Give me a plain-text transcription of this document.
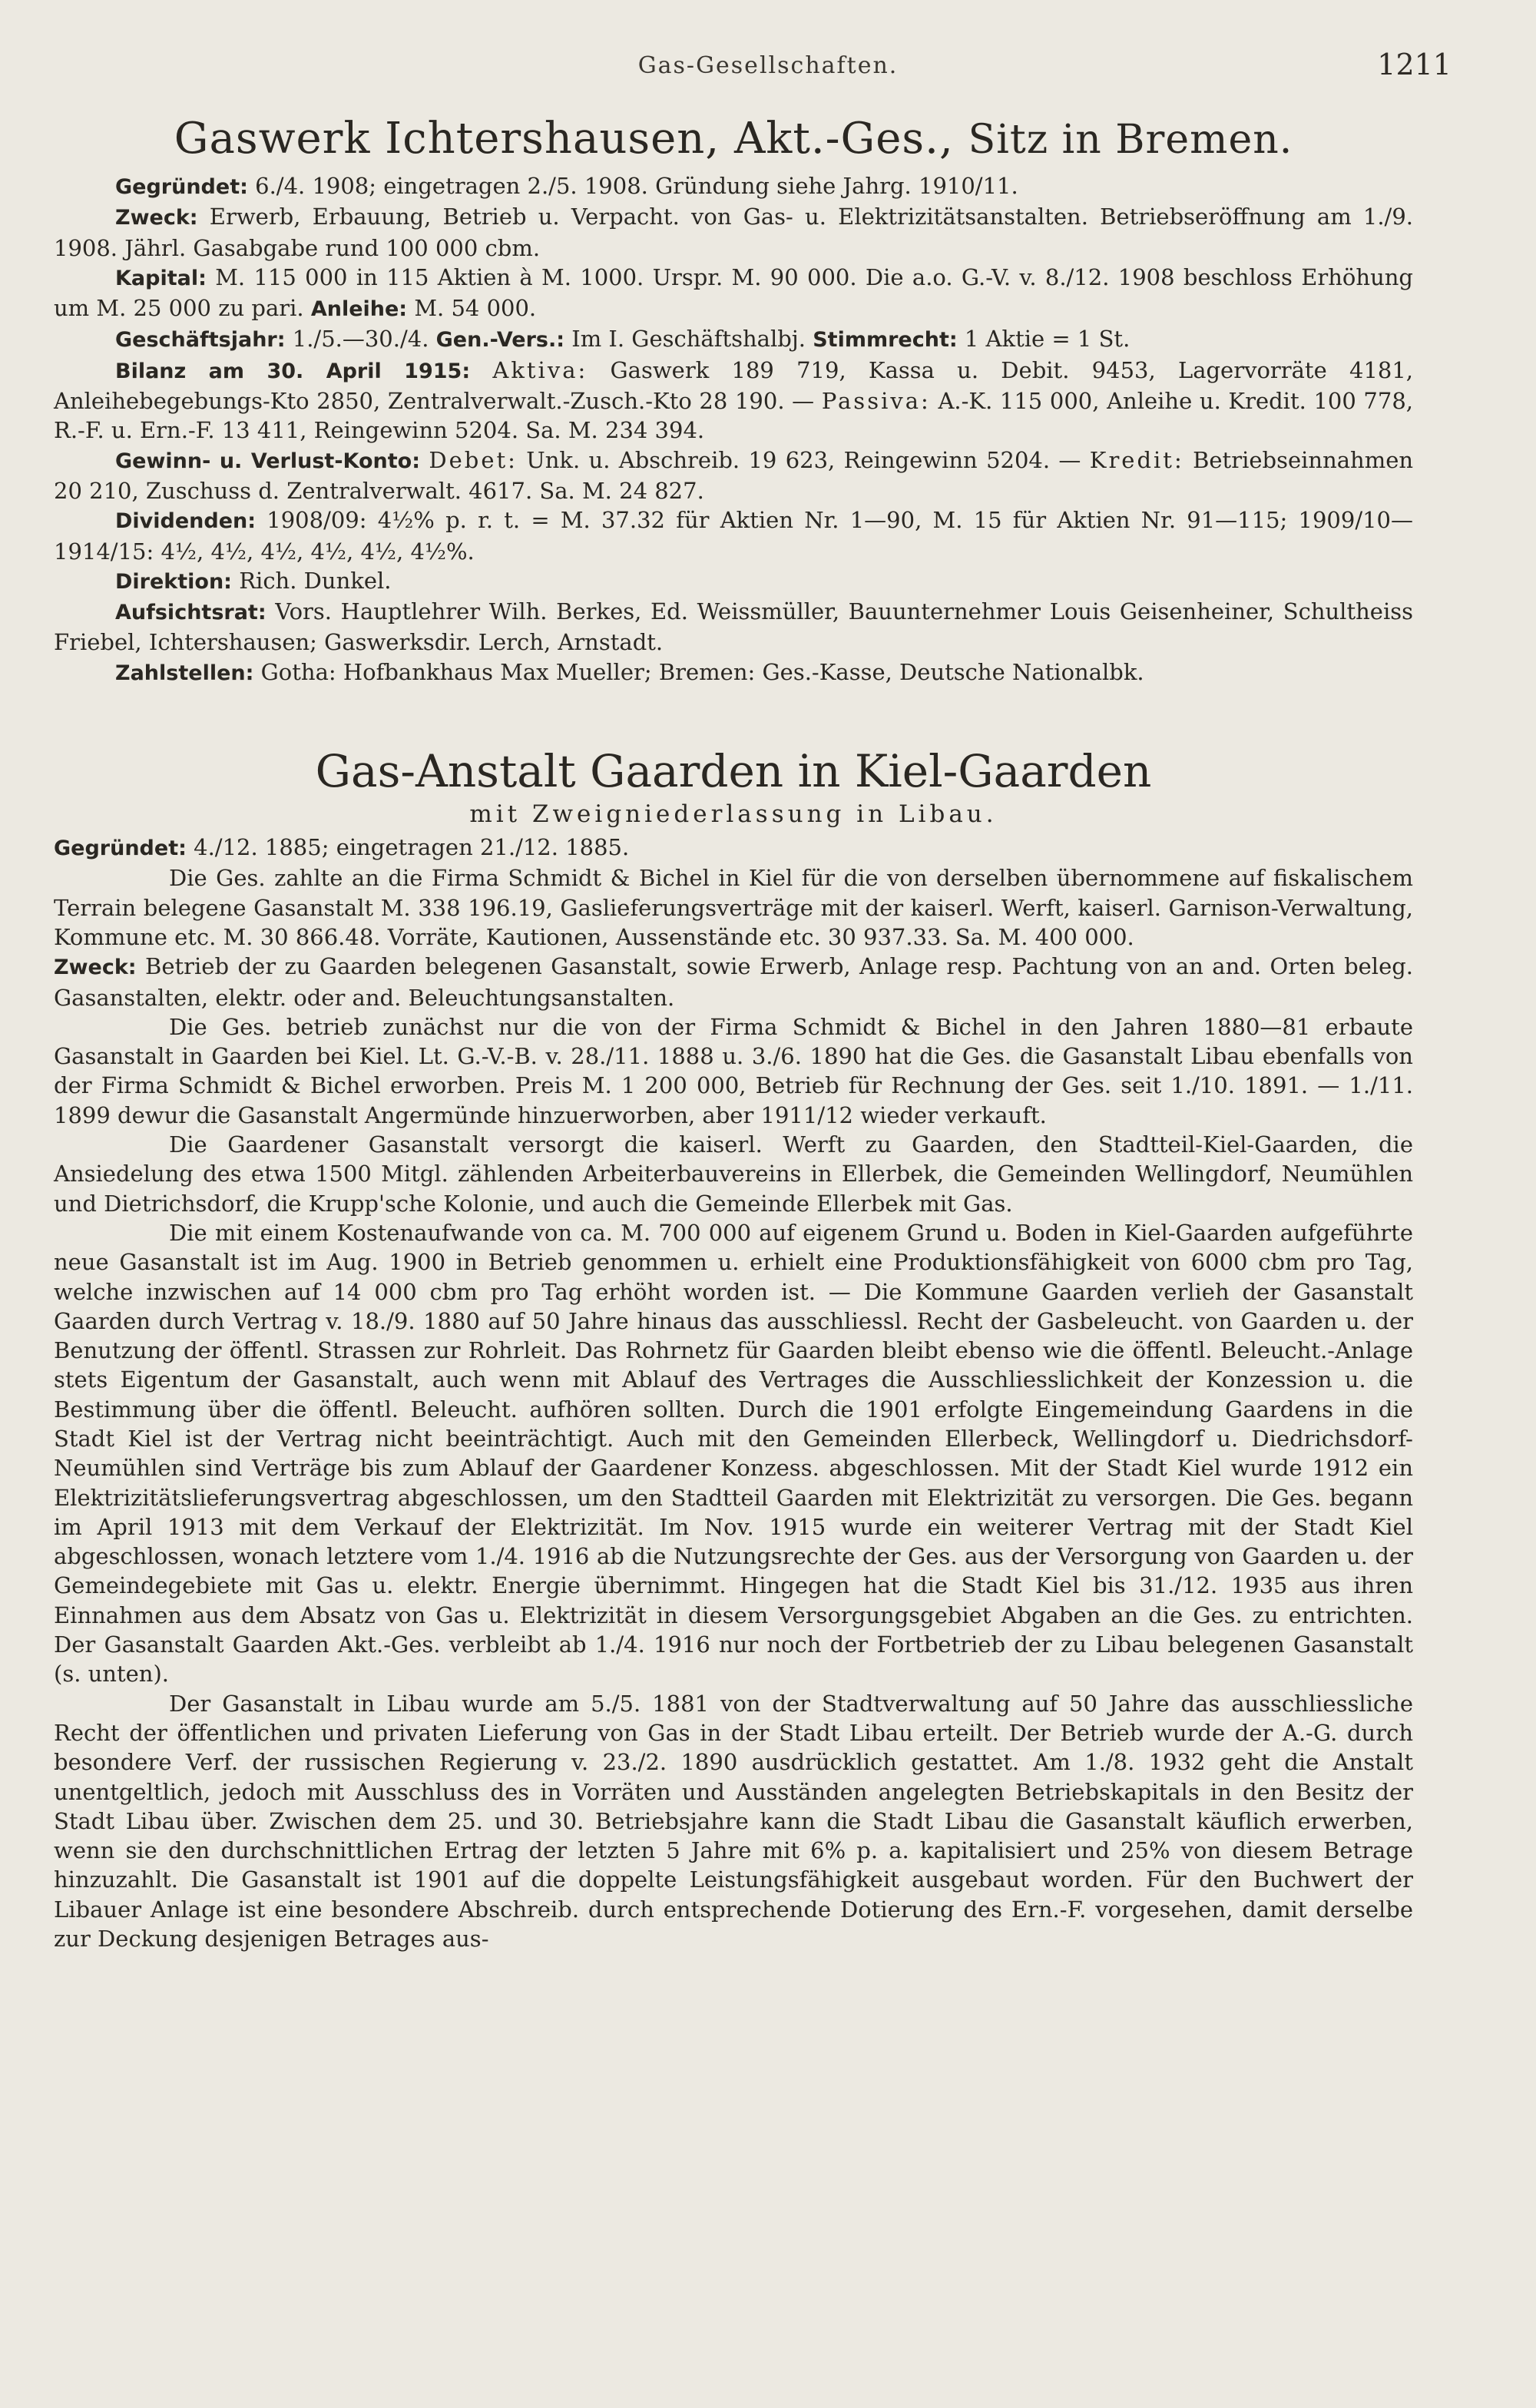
Gas-Gesellschaften.	1211
Gaswerk Ichtershausen, Akt.-Ges., Sitz in Bremen.

Gegründet: 6./4. 1908; eingetragen 2./5. 1908. Gründung siehe Jahrg. 1910/11.

Zweck: Erwerb, Erbauung, Betrieb u. Verpacht. von Gas- u. Elektrizitätsanstalten. Betriebseröffnung am 1./9. 1908. Jährl. Gasabgabe rund 100 000 cbm.

Kapital: M. 115 000 in 115 Aktien à M. 1000. Urspr. M. 90 000. Die a.o. G.-V. v. 8./12. 1908 beschloss Erhöhung um M. 25 000 zu pari. Anleihe: M. 54 000.

Geschäftsjahr: 1./5.—30./4. Gen.-Vers.: Im I. Geschäftshalbj. Stimmrecht: 1 Aktie = 1 St.

Bilanz am 30. April 1915: Aktiva: Gaswerk 189 719, Kassa u. Debit. 9453, Lagervorräte 4181, Anleihebegebungs-Kto 2850, Zentralverwalt.-Zusch.-Kto 28 190. — Passiva: A.-K. 115 000, Anleihe u. Kredit. 100 778, R.-F. u. Ern.-F. 13 411, Reingewinn 5204. Sa. M. 234 394.

Gewinn- u. Verlust-Konto: Debet: Unk. u. Abschreib. 19 623, Reingewinn 5204. — Kredit: Betriebseinnahmen 20 210, Zuschuss d. Zentralverwalt. 4617. Sa. M. 24 827.

Dividenden: 1908/09: 4½% p. r. t. = M. 37.32 für Aktien Nr. 1—90, M. 15 für Aktien Nr. 91—115; 1909/10—1914/15: 4½, 4½, 4½, 4½, 4½, 4½%.

Direktion: Rich. Dunkel.

Aufsichtsrat: Vors. Hauptlehrer Wilh. Berkes, Ed. Weissmüller, Bauunternehmer Louis Geisenheiner, Schultheiss Friebel, Ichtershausen; Gaswerksdir. Lerch, Arnstadt.

Zahlstellen: Gotha: Hofbankhaus Max Mueller; Bremen: Ges.-Kasse, Deutsche Nationalbk.

Gas-Anstalt Gaarden in Kiel-Gaarden
mit Zweigniederlassung in Libau.

Gegründet: 4./12. 1885; eingetragen 21./12. 1885.

Die Ges. zahlte an die Firma Schmidt & Bichel in Kiel für die von derselben übernommene auf fiskalischem Terrain belegene Gasanstalt M. 338 196.19, Gaslieferungsverträge mit der kaiserl. Werft, kaiserl. Garnison-Verwaltung, Kommune etc. M. 30 866.48. Vorräte, Kautionen, Aussenstände etc. 30 937.33. Sa. M. 400 000.

Zweck: Betrieb der zu Gaarden belegenen Gasanstalt, sowie Erwerb, Anlage resp. Pachtung von an and. Orten beleg. Gasanstalten, elektr. oder and. Beleuchtungsanstalten.

Die Ges. betrieb zunächst nur die von der Firma Schmidt & Bichel in den Jahren 1880—81 erbaute Gasanstalt in Gaarden bei Kiel. Lt. G.-V.-B. v. 28./11. 1888 u. 3./6. 1890 hat die Ges. die Gasanstalt Libau ebenfalls von der Firma Schmidt & Bichel erworben. Preis M. 1 200 000, Betrieb für Rechnung der Ges. seit 1./10. 1891. — 1./11. 1899 dewur die Gasanstalt Angermünde hinzuerworben, aber 1911/12 wieder verkauft.

Die Gaardener Gasanstalt versorgt die kaiserl. Werft zu Gaarden, den Stadtteil-Kiel-Gaarden, die Ansiedelung des etwa 1500 Mitgl. zählenden Arbeiterbauvereins in Ellerbek, die Gemeinden Wellingdorf, Neumühlen und Dietrichsdorf, die Krupp'sche Kolonie, und auch die Gemeinde Ellerbek mit Gas.

Die mit einem Kostenaufwande von ca. M. 700 000 auf eigenem Grund u. Boden in Kiel-Gaarden aufgeführte neue Gasanstalt ist im Aug. 1900 in Betrieb genommen u. erhielt eine Produktionsfähigkeit von 6000 cbm pro Tag, welche inzwischen auf 14 000 cbm pro Tag erhöht worden ist. — Die Kommune Gaarden verlieh der Gasanstalt Gaarden durch Vertrag v. 18./9. 1880 auf 50 Jahre hinaus das ausschliessl. Recht der Gasbeleucht. von Gaarden u. der Benutzung der öffentl. Strassen zur Rohrleit. Das Rohrnetz für Gaarden bleibt ebenso wie die öffentl. Beleucht.-Anlage stets Eigentum der Gasanstalt, auch wenn mit Ablauf des Vertrages die Ausschliesslichkeit der Konzession u. die Bestimmung über die öffentl. Beleucht. aufhören sollten. Durch die 1901 erfolgte Eingemeindung Gaardens in die Stadt Kiel ist der Vertrag nicht beeinträchtigt. Auch mit den Gemeinden Ellerbeck, Wellingdorf u. Diedrichsdorf-Neumühlen sind Verträge bis zum Ablauf der Gaardener Konzess. abgeschlossen. Mit der Stadt Kiel wurde 1912 ein Elektrizitätslieferungsvertrag abgeschlossen, um den Stadtteil Gaarden mit Elektrizität zu versorgen. Die Ges. begann im April 1913 mit dem Verkauf der Elektrizität. Im Nov. 1915 wurde ein weiterer Vertrag mit der Stadt Kiel abgeschlossen, wonach letztere vom 1./4. 1916 ab die Nutzungsrechte der Ges. aus der Versorgung von Gaarden u. der Gemeindegebiete mit Gas u. elektr. Energie übernimmt. Hingegen hat die Stadt Kiel bis 31./12. 1935 aus ihren Einnahmen aus dem Absatz von Gas u. Elektrizität in diesem Versorgungsgebiet Abgaben an die Ges. zu entrichten. Der Gasanstalt Gaarden Akt.-Ges. verbleibt ab 1./4. 1916 nur noch der Fortbetrieb der zu Libau belegenen Gasanstalt (s. unten).

Der Gasanstalt in Libau wurde am 5./5. 1881 von der Stadtverwaltung auf 50 Jahre das ausschliessliche Recht der öffentlichen und privaten Lieferung von Gas in der Stadt Libau erteilt. Der Betrieb wurde der A.-G. durch besondere Verf. der russischen Regierung v. 23./2. 1890 ausdrücklich gestattet. Am 1./8. 1932 geht die Anstalt unentgeltlich, jedoch mit Ausschluss des in Vorräten und Ausständen angelegten Betriebskapitals in den Besitz der Stadt Libau über. Zwischen dem 25. und 30. Betriebsjahre kann die Stadt Libau die Gasanstalt käuflich erwerben, wenn sie den durchschnittlichen Ertrag der letzten 5 Jahre mit 6% p. a. kapitalisiert und 25% von diesem Betrage hinzuzahlt. Die Gasanstalt ist 1901 auf die doppelte Leistungsfähigkeit ausgebaut worden. Für den Buchwert der Libauer Anlage ist eine besondere Abschreib. durch entsprechende Dotierung des Ern.-F. vorgesehen, damit derselbe zur Deckung desjenigen Betrages aus-
